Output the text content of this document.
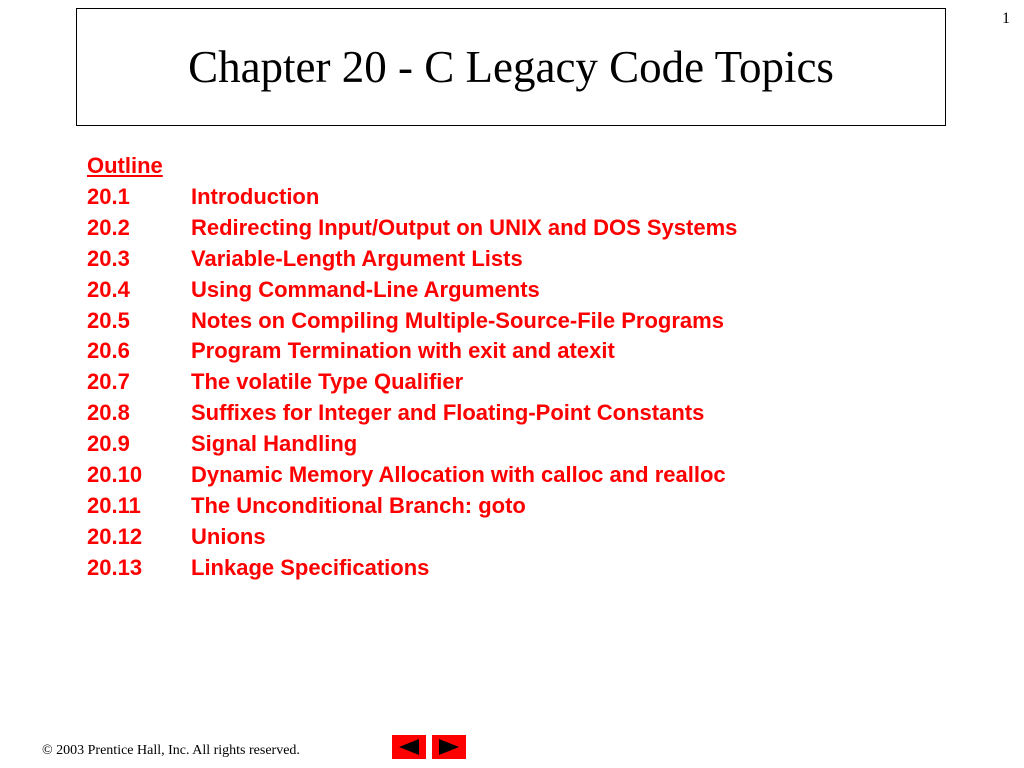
1
Chapter 20 - C Legacy Code Topics
Outline
20.1	Introduction
20.2	Redirecting Input/Output on UNIX and DOS Systems
20.3	Variable-Length Argument Lists
20.4	Using Command-Line Arguments
20.5	Notes on Compiling Multiple-Source-File Programs
20.6	Program Termination with exit and atexit
20.7	The volatile Type Qualifier
20.8	Suffixes for Integer and Floating-Point Constants
20.9	Signal Handling
20.10	Dynamic Memory Allocation with calloc and realloc
20.11	The Unconditional Branch: goto
20.12	Unions
20.13	Linkage Specifications
© 2003 Prentice Hall, Inc. All rights reserved.
